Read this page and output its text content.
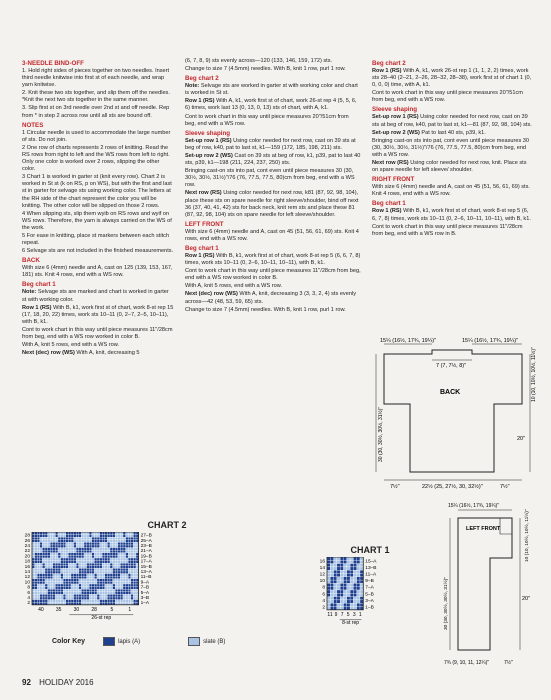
3-NEEDLE BIND-OFF
1. Hold right sides of pieces together on two needles. Insert third needle knitwise into first st of each needle, and wrap yarn knitwise.
2. Knit these two sts together, and slip them off the needles. *Knit the next two sts together in the same manner.
3. Slip first st on 3rd needle over 2nd st and off needle. Rep from * in step 2 across row until all sts are bound off.
NOTES
1 Circular needle is used to accommodate the large number of sts. Do not join.
2 One row of charts represents 2 rows of knitting. Read the RS rows from right to left and the WS rows from left to right. Only one color is worked over 2 rows, slipping the other color.
3 Chart 1 is worked in garter st (knit every row). Chart 2 is worked in St st (k on RS, p on WS), but with the first and last st in garter for selvage sts using working color. The letters at the RH side of the chart represent the color you will be knitting. The other color will be slipped on those 2 rows.
4 When slipping sts, slip them wyib on RS rows and wyif on WS rows. Therefore, the yarn is always carried on the WS of the work.
5 For ease in knitting, place st markers between each stitch repeat.
6 Selvage sts are not included in the finished measurements.
BACK
With size 6 (4mm) needle and A, cast on 125 (139, 153, 167, 181) sts. Knit 4 rows, end with a WS row.
Beg chart 1
Note: Selvage sts are marked and chart is worked in garter st with working color.
Row 1 (RS) With B, k1, work first st of chart, work 8-st rep 15 (17, 18, 20, 22) times, work sts 10–11 (0, 2–7, 2–5, 10–11), with B, k1.
Cont to work chart in this way until piece measures 11"/28cm from beg, end with a WS row worked in color B.
With A, knit 5 rows, end with a WS row.
Next (dec) row (WS) With A, knit, decreasing 5
(6, 7, 8, 9) sts evenly across—120 (133, 146, 159, 172) sts.
Change to size 7 (4.5mm) needles. With B, knit 1 row, purl 1 row.
Beg chart 2
Note: Selvage sts are worked in garter st with working color and chart is worked in St st.
Row 1 (RS) With A, k1, work first st of chart, work 26-st rep 4 (5, 5, 6, 6) times, work last 13 (0, 13, 0, 13) sts of chart, with A, k1.
Cont to work chart in this way until piece measures 20"/51cm from beg, end with a WS row.
Sleeve shaping
Set-up row 1 (RS) Using color needed for next row, cast on 39 sts at beg of row, k40, pat to last st, k1—159 (172, 185, 198, 211) sts.
Set-up row 2 (WS) Cast on 39 sts at beg of row, k1, p39, pat to last 40 sts, p39, k1—198 (211, 224, 237, 250) sts.
Bringing cast-on sts into pat, cont even until piece measures 30 (30, 30½, 30½, 31½)"/76 (76, 77.5, 77.5, 80)cm from beg, end with a WS row.
Next row (RS) Using color needed for next row, k81 (87, 92, 98, 104), place these sts on spare needle for right sleeve/shoulder, bind off next 36 (37, 40, 41, 42) sts for back neck, knit rem sts and place these 81 (87, 92, 98, 104) sts on spare needle for left sleeve/shoulder.
LEFT FRONT
With size 6 (4mm) needle and A, cast on 45 (51, 56, 61, 69) sts. Knit 4 rows, end with a WS row.
Beg chart 1
Row 1 (RS) With B, k1, work first st of chart, work 8-st rep 5 (6, 6, 7, 8) times, work sts 10–11 (0, 2–6, 10–11, 10–11), with B, k1.
Cont to work chart in this way until piece measures 11"/28cm from beg, end with a WS row worked in color B.
With A, knit 5 rows, end with a WS row.
Next (dec) row (WS) With A, knit, decreasing 3 (3, 3, 2, 4) sts evenly across—42 (48, 53, 59, 65) sts.
Change to size 7 (4.5mm) needles. With B, knit 1 row, purl 1 row.
Beg chart 2
Row 1 (RS) With A, k1, work 26-st rep 1 (1, 1, 2, 2) times, work sts 28–40 (2–21, 2–26, 28–32, 28–38), work first st of chart 1 (0, 0, 0, 0) time, with A, k1.
Cont to work chart in this way until piece measures 20"/51cm from beg, end with a WS row.
Sleeve shaping
Set-up row 1 (RS) Using color needed for next row, cast on 39 sts at beg of row, k40, pat to last st, k1—81 (87, 92, 98, 104) sts.
Set-up row 2 (WS) Pat to last 40 sts, p39, k1.
Bringing cast-on sts into pat, cont even until piece measures 30 (30, 30½, 30½, 31½)"/76 (76, 77.5, 77.5, 80)cm from beg, end with a WS row.
Next row (RS) Using color needed for next row, knit. Place sts on spare needle for left sleeve/ shoulder.
RIGHT FRONT
With size 6 (4mm) needle and A, cast on 45 (51, 56, 61, 69) sts. Knit 4 rows, end with a WS row.
Beg chart 1
Row 1 (RS) With B, k1, work first st of chart, work 8-st rep 5 (6, 6, 7, 8) times, work sts 10–11 (0, 2–6, 10–11, 10–11), with B, k1.
Cont to work chart in this way until piece measures 11"/28cm from beg, end with a WS row in B.
15¼ (16½, 17¾, 19¼)"	15¼ (16½, 17¾, 19¼)"
7 (7, 7½, 8)"
BACK	10 (10, 10½, 10½, 11½)"
20"
30 (30, 30½, 30½, 31½)"
7½"	22½ (25, 27½, 30, 32½)"	7½"
15¼ (16½, 17¾, 19¼)"
LEFT FRONT	10 (10, 10½, 10½, 11½)"
20"
30 (30, 30½, 30½, 31½)"
7¾ (9, 10, 11, 12¼)"	7½"
CHART 2
28
26
24
22
20
18
16
14
12
10
8
6
4
2
27–B
25–A
23–B
21–A
19–B
17–A
15–B
13–A
11–B
9–A
7–B
5–A
3–B
1–A
40 35 30 28	5	1
26-st rep
CHART 1
16
14
12
10
8
6
4
2
15–A
13–B
11–A
9–B
7–A
5–B
3–A
1–B
11 9 7 5 3 1
8-st rep
Color Key	lapis (A)	slate (B)
92 HOLIDAY 2016
